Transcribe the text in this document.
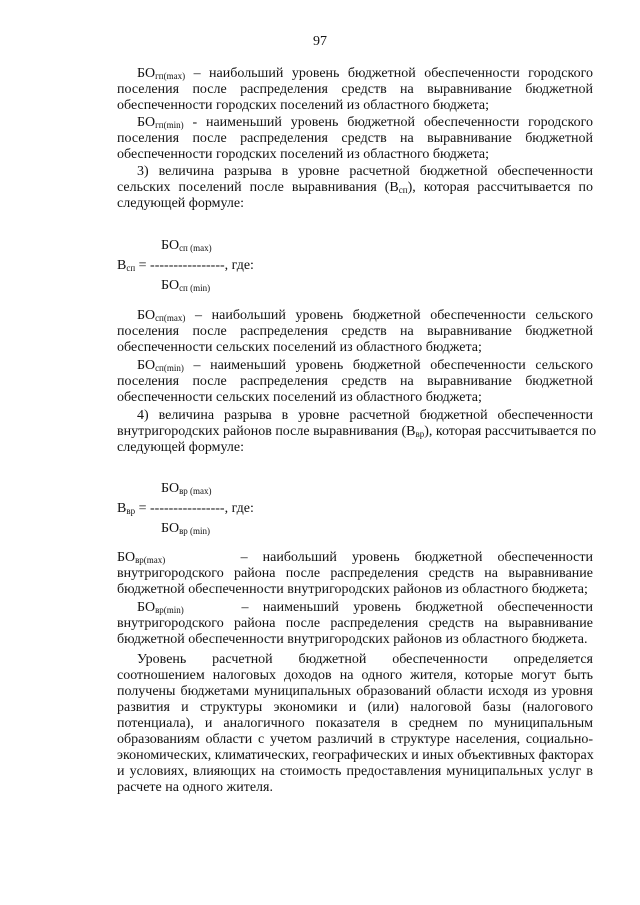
97
$БО_{гп(max)}$ – наибольший уровень бюджетной обеспеченности городского
поселения после распределения средств на выравнивание бюджетной
обеспеченности городских поселений из областного бюджета;
$БО_{гп(min)}$ - наименьший уровень бюджетной обеспеченности городского
поселения после распределения средств на выравнивание бюджетной
обеспеченности городских поселений из областного бюджета;
3) величина разрыва в уровне расчетной бюджетной обеспеченности
сельских поселений после выравнивания $(В_{сп})$, которая рассчитывается по
следующей формуле:
$БО_{сп (max)}$
$В_{сп}$ = ----------------, где:
$БО_{сп (min)}$
$БО_{сп(max)}$ – наибольший уровень бюджетной обеспеченности сельского
поселения после распределения средств на выравнивание бюджетной
обеспеченности сельских поселений из областного бюджета;
$БО_{сп(min)}$ – наименьший уровень бюджетной обеспеченности сельского
поселения после распределения средств на выравнивание бюджетной
обеспеченности сельских поселений из областного бюджета;
4) величина разрыва в уровне расчетной бюджетной обеспеченности
внутригородских районов после выравнивания $(В_{вр})$, которая рассчитывается по
следующей формуле:
$БО_{вр (max)}$
$В_{вр}$ = ----------------, где:
$БО_{вр (min)}$
$БО_{вр(max)}$	– наибольший уровень бюджетной обеспеченности
внутригородского района после распределения средств на выравнивание
бюджетной обеспеченности внутригородских районов из областного бюджета;
$БО_{вр(min)}$	– наименьший уровень бюджетной обеспеченности
внутригородского района после распределения средств на выравнивание
бюджетной обеспеченности внутригородских районов из областного бюджета.
Уровень расчетной бюджетной обеспеченности определяется
соотношением налоговых доходов на одного жителя, которые могут быть
получены бюджетами муниципальных образований области исходя из уровня
развития и структуры экономики и (или) налоговой базы (налогового
потенциала), и аналогичного показателя в среднем по муниципальным
образованиям области с учетом различий в структуре населения, социально-
экономических, климатических, географических и иных объективных факторах
и условиях, влияющих на стоимость предоставления муниципальных услуг в
расчете на одного жителя.
